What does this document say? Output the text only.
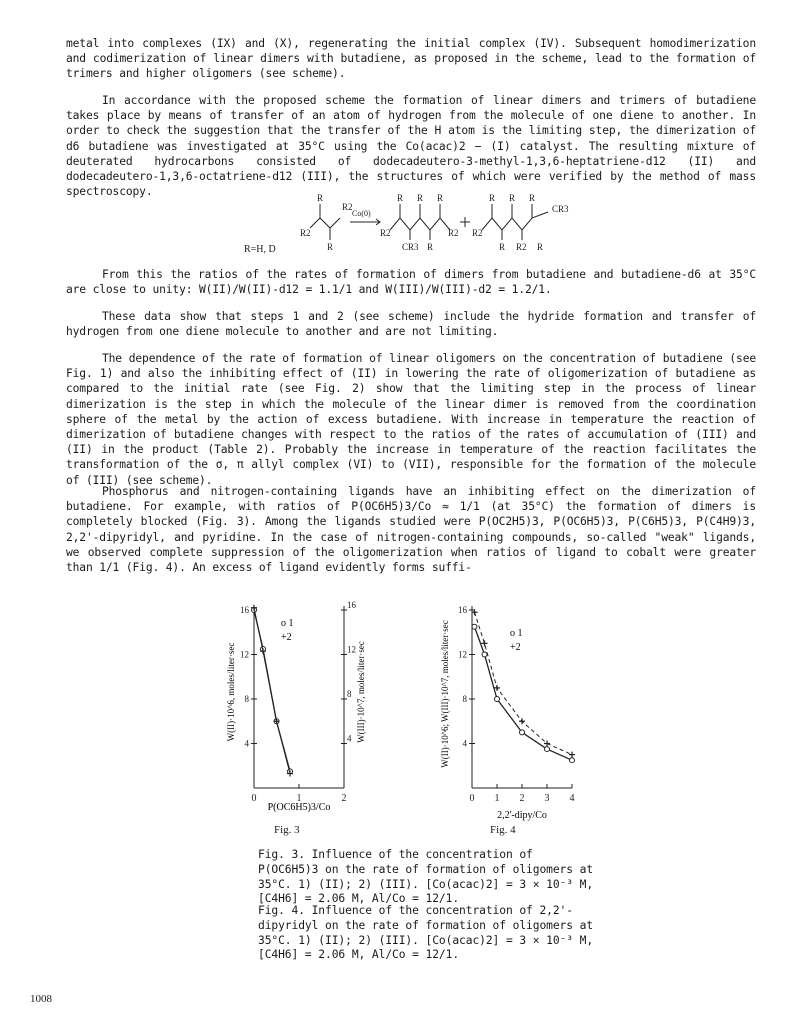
metal into complexes (IX) and (X), regenerating the initial complex (IV). Subsequent homodimerization and codimerization of linear dimers with butadiene, as proposed in the scheme, lead to the formation of trimers and higher oligomers (see scheme).

In accordance with the proposed scheme the formation of linear dimers and trimers of butadiene takes place by means of transfer of an atom of hydrogen from the molecule of one diene to another. In order to check the suggestion that the transfer of the H atom is the limiting step, the dimerization of d6 butadiene was investigated at 35°C using the Co(acac)2 − (I) catalyst. The resulting mixture of deuterated hydrocarbons consisted of dodecadeutero-3-methyl-1,3,6-heptatriene-d12 (II) and dodecadeutero-1,3,6-octatriene-d12 (III), the structures of which were verified by the method of mass spectroscopy.	R
R2
R2
R
Co(0)
R R R
R2
CR3 R
R2 R2
R R R
CR3
R R2 R
R=H, D

From this the ratios of the rates of formation of dimers from butadiene and butadiene-d6 at 35°C are close to unity: W(II)/W(II)-d12 = 1.1/1 and W(III)/W(III)-d2 = 1.2/1.

These data show that steps 1 and 2 (see scheme) include the hydride formation and transfer of hydrogen from one diene molecule to another and are not limiting.

The dependence of the rate of formation of linear oligomers on the concentration of butadiene (see Fig. 1) and also the inhibiting effect of (II) in lowering the rate of oligomerization of butadiene as compared to the initial rate (see Fig. 2) show that the limiting step in the process of linear dimerization is the step in which the molecule of the linear dimer is removed from the coordination sphere of the metal by the action of excess butadiene. With increase in temperature the reaction of dimerization of butadiene changes with respect to the ratios of the rates of accumulation of (III) and (II) in the product (Table 2). Probably the increase in temperature of the reaction facilitates the transformation of the σ, π allyl complex (VI) to (VII), responsible for the formation of the molecule of (III) (see scheme).

Phosphorus and nitrogen-containing ligands have an inhibiting effect on the dimerization of butadiene. For example, with ratios of P(OC6H5)3/Co ≈ 1/1 (at 35°C) the formation of dimers is completely blocked (Fig. 3). Among the ligands studied were P(OC2H5)3, P(OC6H5)3, P(C6H5)3, P(C4H9)3, 2,2'-dipyridyl, and pyridine. In the case of nitrogen-containing compounds, so-called "weak" ligands, we observed complete suppression of the oligomerization when ratios of ligand to cobalt were greater than 1/1 (Fig. 4). An excess of ligand evidently forms suffi-

16	16
12	12
8	8
4	4
0	1	2
o 1
+2
W(II)·10^6, moles/liter·sec	W(III)·10^7, moles/liter·sec
P(OC6H5)3/Co
Fig. 3
16
12
8
4
0 1 2 3 4
o 1
+2
W(II)·10^6; W(III)·10^7, moles/liter·sec
2,2'-dipy/Co
Fig. 4

Fig. 3. Influence of the concentration of P(OC6H5)3 on the rate of formation of oligomers at 35°C. 1) (II); 2) (III). [Co(acac)2] = 3 × 10⁻³ M, [C4H6] = 2.06 M, Al/Co = 12/1.

Fig. 4. Influence of the concentration of 2,2'-dipyridyl on the rate of formation of oligomers at 35°C. 1) (II); 2) (III). [Co(acac)2] = 3 × 10⁻³ M, [C4H6] = 2.06 M, Al/Co = 12/1.

1008
